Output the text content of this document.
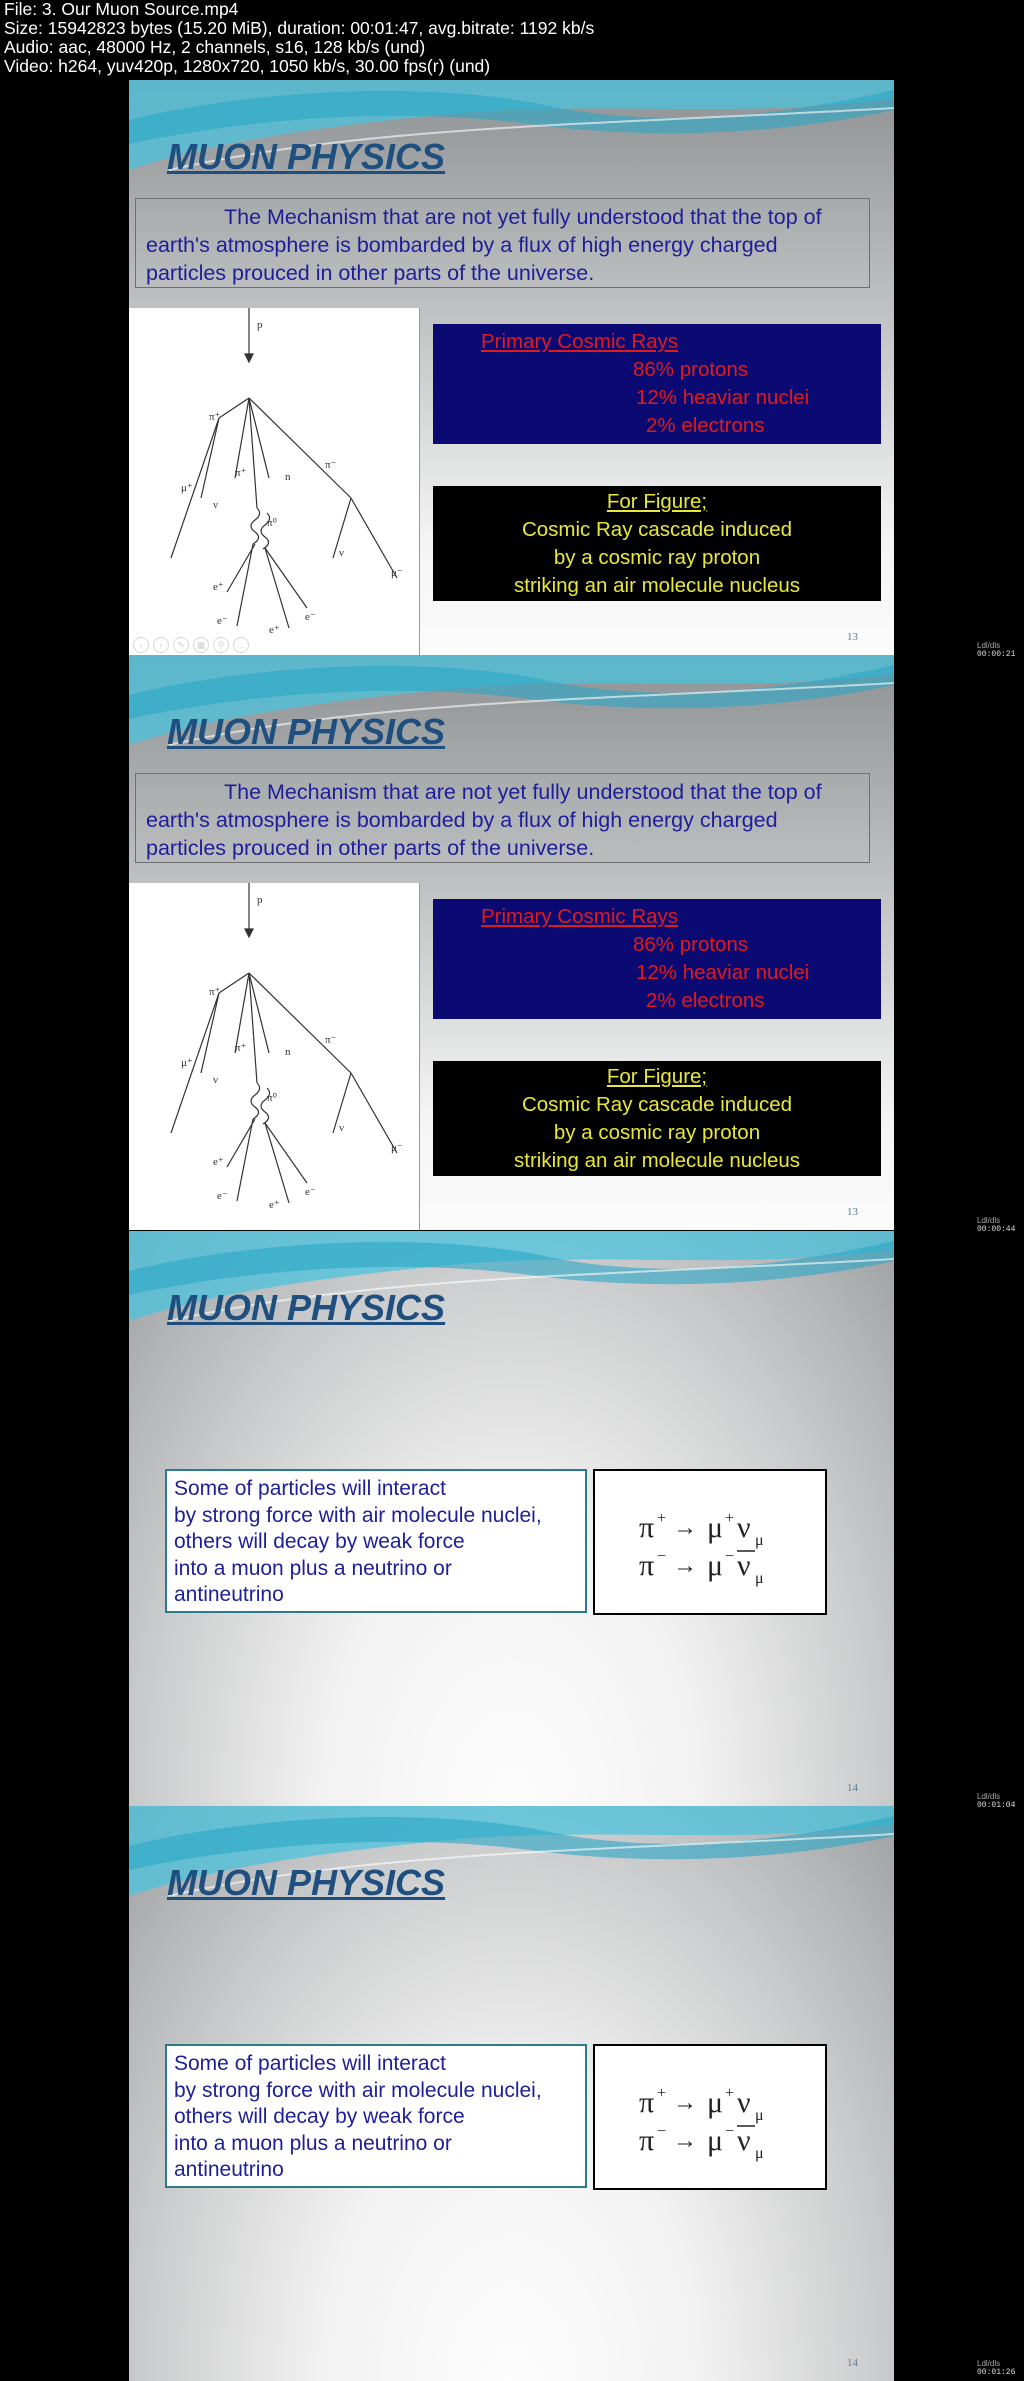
File: 3. Our Muon Source.mp4
Size: 15942823 bytes (15.20 MiB), duration: 00:01:47, avg.bitrate: 1192 kb/s
Audio: aac, 48000 Hz, 2 channels, s16, 128 kb/s (und)
Video: h264, yuv420p, 1280x720, 1050 kb/s, 30.00 fps(r) (und)
MUON PHYSICS
The Mechanism that are not yet fully understood that the top of earth's atmosphere is bombarded by a flux of high energy charged particles prouced in other parts of the universe.
p
π⁺
μ⁺
ν
π⁺	n
π⁻
π⁰
ν
μ⁻
e⁺
e⁻
e⁺
e⁻
Primary Cosmic Rays
86% protons
12% heaviar nuclei
2% electrons
For Figure;
Cosmic Ray cascade induced
by a cosmic ray proton
striking an air molecule nucleus
‹ › ✎ ▦ ⚲ …
13
Ldl/dls
00:00:21
MUON PHYSICS
The Mechanism that are not yet fully understood that the top of earth's atmosphere is bombarded by a flux of high energy charged particles prouced in other parts of the universe.
p
π⁺
μ⁺
ν
π⁺	n
π⁻
π⁰
ν
μ⁻
e⁺
e⁻
e⁺
e⁻
Primary Cosmic Rays
86% protons
12% heaviar nuclei
2% electrons
For Figure;
Cosmic Ray cascade induced
by a cosmic ray proton
striking an air molecule nucleus
13
Ldl/dls
00:00:44
MUON PHYSICS
Some of particles will interact
by strong force with air molecule nuclei,
others will decay by weak force
into a muon plus a neutrino or
antineutrino
π + → μ + ν μ
π − → μ − ν μ
14
Ldl/dls
00:01:04
MUON PHYSICS
Some of particles will interact
by strong force with air molecule nuclei,
others will decay by weak force
into a muon plus a neutrino or
antineutrino
π + → μ + ν μ
π − → μ − ν μ
14	Ldl/dls
00:01:26
